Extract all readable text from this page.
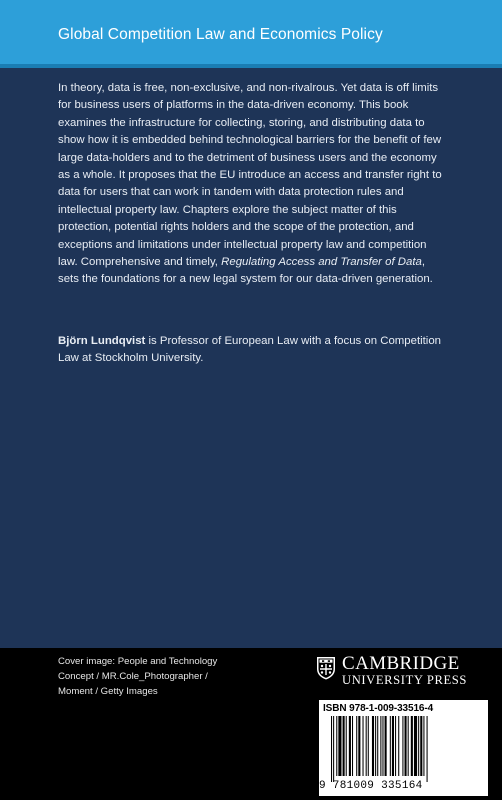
Global Competition Law and Economics Policy

In theory, data is free, non-exclusive, and non-rivalrous. Yet data is off limits for business users of platforms in the data-driven economy. This book examines the infrastructure for collecting, storing, and distributing data to show how it is embedded behind technological barriers for the benefit of few large data-holders and to the detriment of business users and the economy as a whole. It proposes that the EU introduce an access and transfer right to data for users that can work in tandem with data protection rules and intellectual property law. Chapters explore the subject matter of this protection, potential rights holders and the scope of the protection, and exceptions and limitations under intellectual property law and competition law. Comprehensive and timely, Regulating Access and Transfer of Data, sets the foundations for a new legal system for our data-driven generation.

Björn Lundqvist is Professor of European Law with a focus on Competition Law at Stockholm University.

Cover image: People and Technology Concept / MR.Cole_Photographer / Moment / Getty Images

CAMBRIDGE
UNIVERSITY PRESS
ISBN 978-1-009-33516-4
9 781009 335164
